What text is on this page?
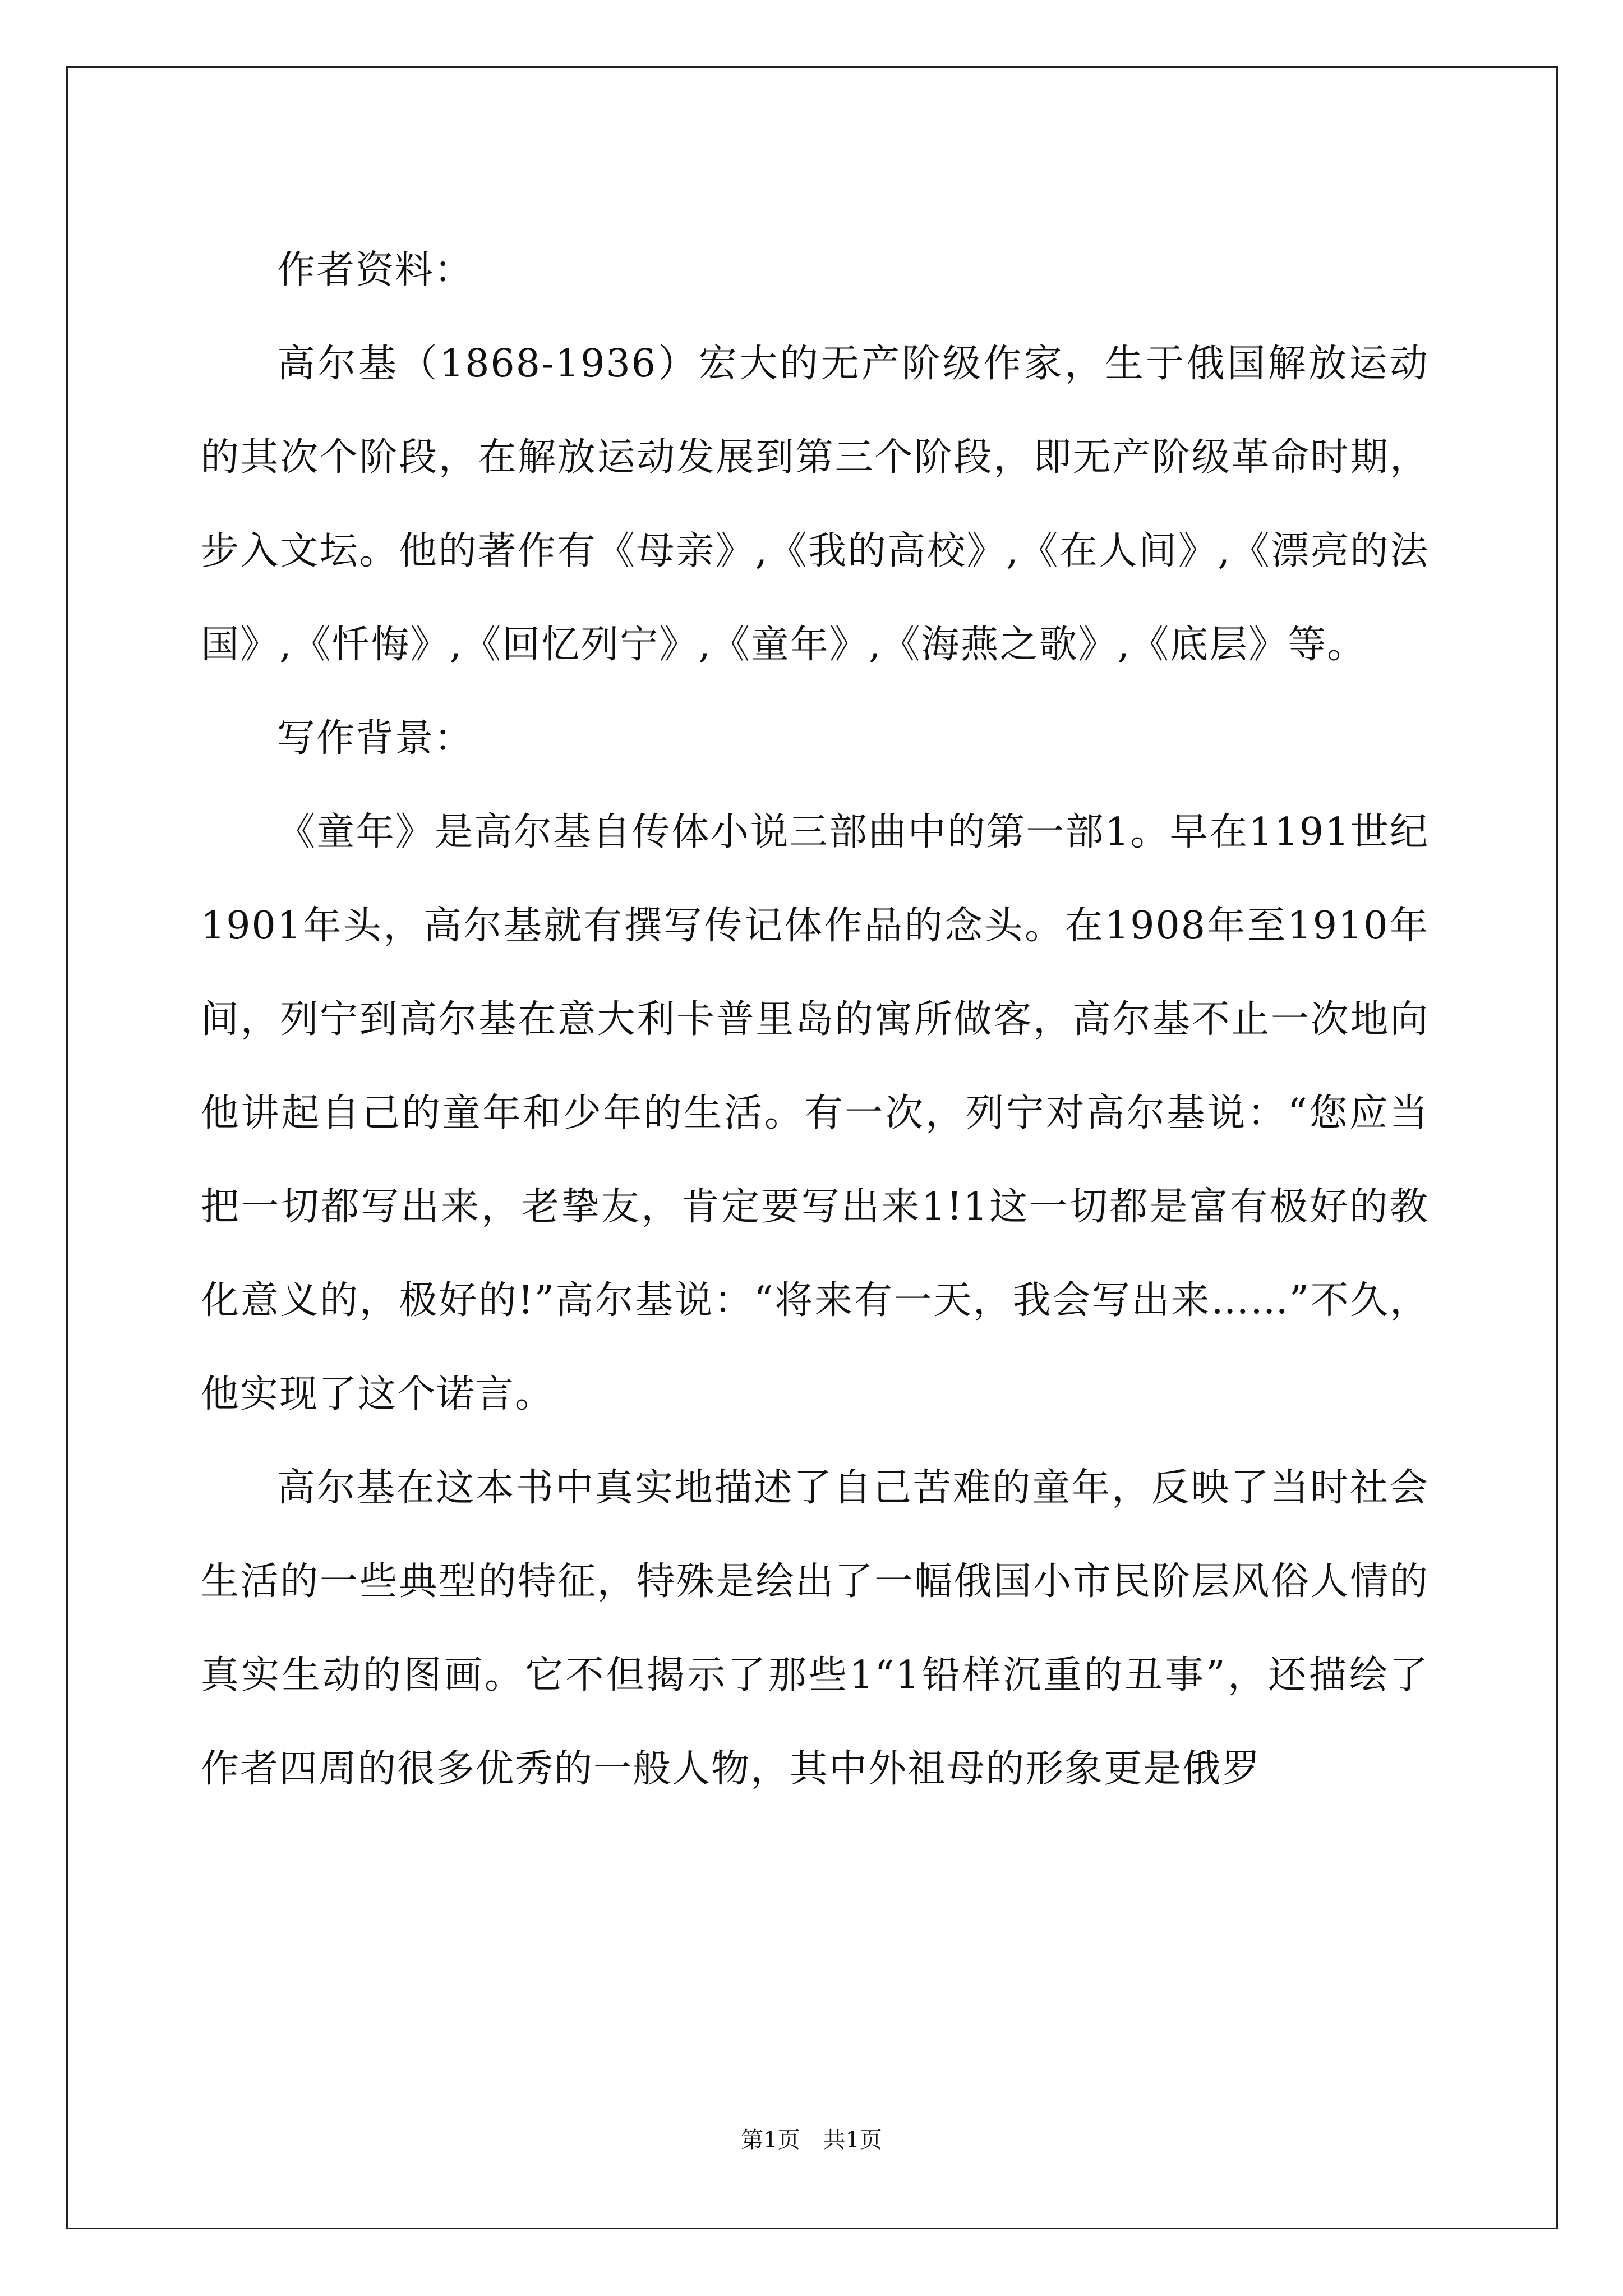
作者资料：

高尔基（1868-1936）宏大的无产阶级作家，生于俄国解放运动的其次个阶段，在解放运动发展到第三个阶段，即无产阶级革命时期，步入文坛。他的著作有《母亲》,《我的高校》,《在人间》,《漂亮的法国》,《忏悔》,《回忆列宁》,《童年》,《海燕之歌》,《底层》等。

写作背景：

《童年》是高尔基自传体小说三部曲中的第一部1。早在1191世纪1901年头，高尔基就有撰写传记体作品的念头。在1908年至1910年间，列宁到高尔基在意大利卡普里岛的寓所做客，高尔基不止一次地向他讲起自己的童年和少年的生活。有一次，列宁对高尔基说：“您应当把一切都写出来，老挚友，肯定要写出来1!1这一切都是富有极好的教化意义的，极好的!”高尔基说：“将来有一天，我会写出来……”不久，他实现了这个诺言。

高尔基在这本书中真实地描述了自己苦难的童年，反映了当时社会生活的一些典型的特征，特殊是绘出了一幅俄国小市民阶层风俗人情的真实生动的图画。它不但揭示了那些1“1铅样沉重的丑事”，还描绘了作者四周的很多优秀的一般人物，其中外祖母的形象更是俄罗

第1页 共1页
